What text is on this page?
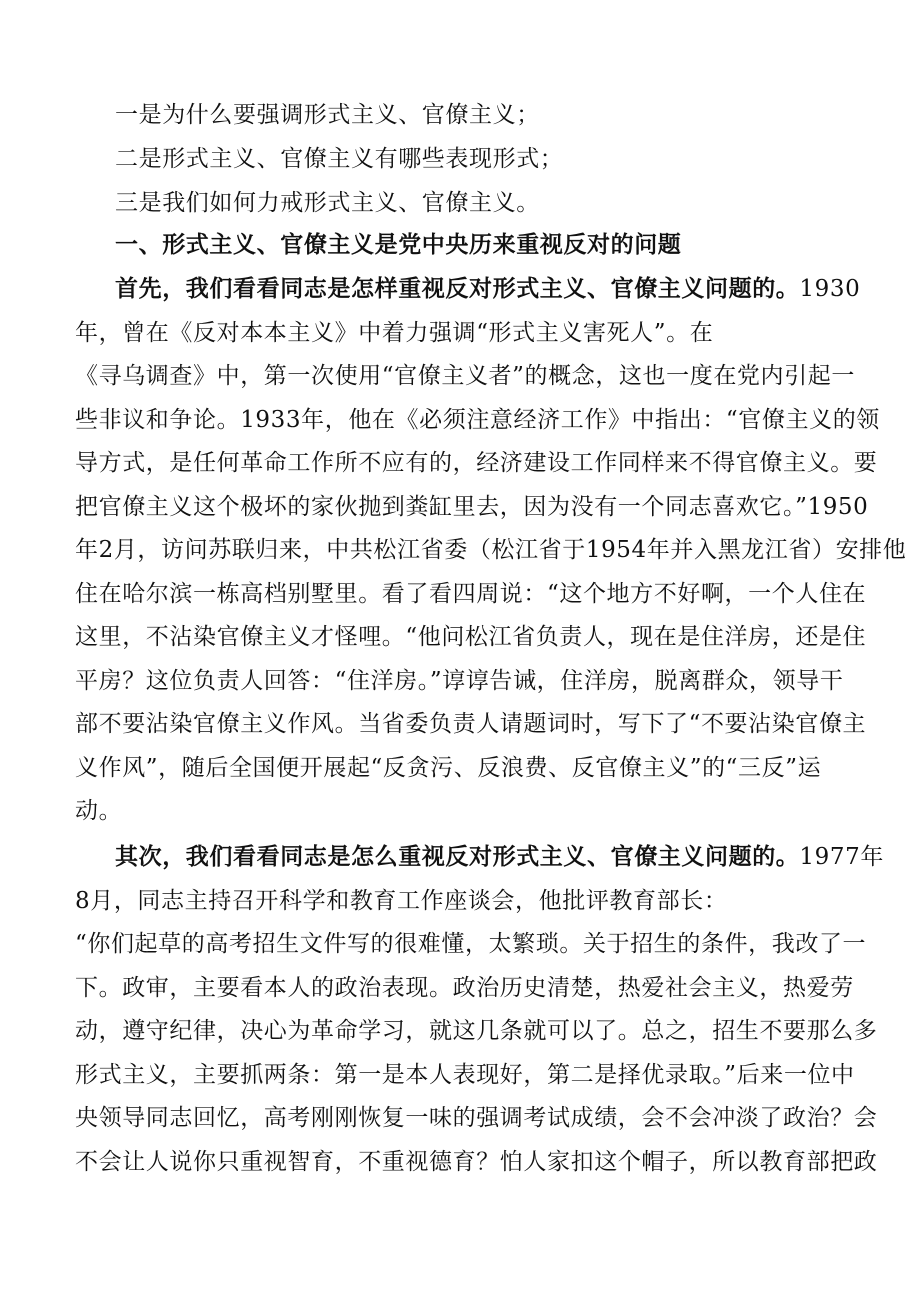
一是为什么要强调形式主义、官僚主义；
二是形式主义、官僚主义有哪些表现形式；
三是我们如何力戒形式主义、官僚主义。
一、形式主义、官僚主义是党中央历来重视反对的问题
首先，我们看看同志是怎样重视反对形式主义、官僚主义问题的。1930
年，曾在《反对本本主义》中着力强调“形式主义害死人”。在
《寻乌调查》中，第一次使用“官僚主义者”的概念，这也一度在党内引起一
些非议和争论。1933年，他在《必须注意经济工作》中指出：“官僚主义的领
导方式，是任何革命工作所不应有的，经济建设工作同样来不得官僚主义。要
把官僚主义这个极坏的家伙抛到粪缸里去，因为没有一个同志喜欢它。”1950
年2月，访问苏联归来，中共松江省委（松江省于1954年并入黑龙江省）安排他
住在哈尔滨一栋高档别墅里。看了看四周说：“这个地方不好啊，一个人住在
这里，不沾染官僚主义才怪哩。“他问松江省负责人，现在是住洋房，还是住
平房？这位负责人回答：“住洋房。”谆谆告诫，住洋房，脱离群众，领导干
部不要沾染官僚主义作风。当省委负责人请题词时，写下了“不要沾染官僚主
义作风”，随后全国便开展起“反贪污、反浪费、反官僚主义”的“三反”运
动。
其次，我们看看同志是怎么重视反对形式主义、官僚主义问题的。1977年
8月，同志主持召开科学和教育工作座谈会，他批评教育部长：
“你们起草的高考招生文件写的很难懂，太繁琐。关于招生的条件，我改了一
下。政审，主要看本人的政治表现。政治历史清楚，热爱社会主义，热爱劳
动，遵守纪律，决心为革命学习，就这几条就可以了。总之，招生不要那么多
形式主义，主要抓两条：第一是本人表现好，第二是择优录取。”后来一位中
央领导同志回忆，高考刚刚恢复一味的强调考试成绩，会不会冲淡了政治？会
不会让人说你只重视智育，不重视德育？怕人家扣这个帽子，所以教育部把政
